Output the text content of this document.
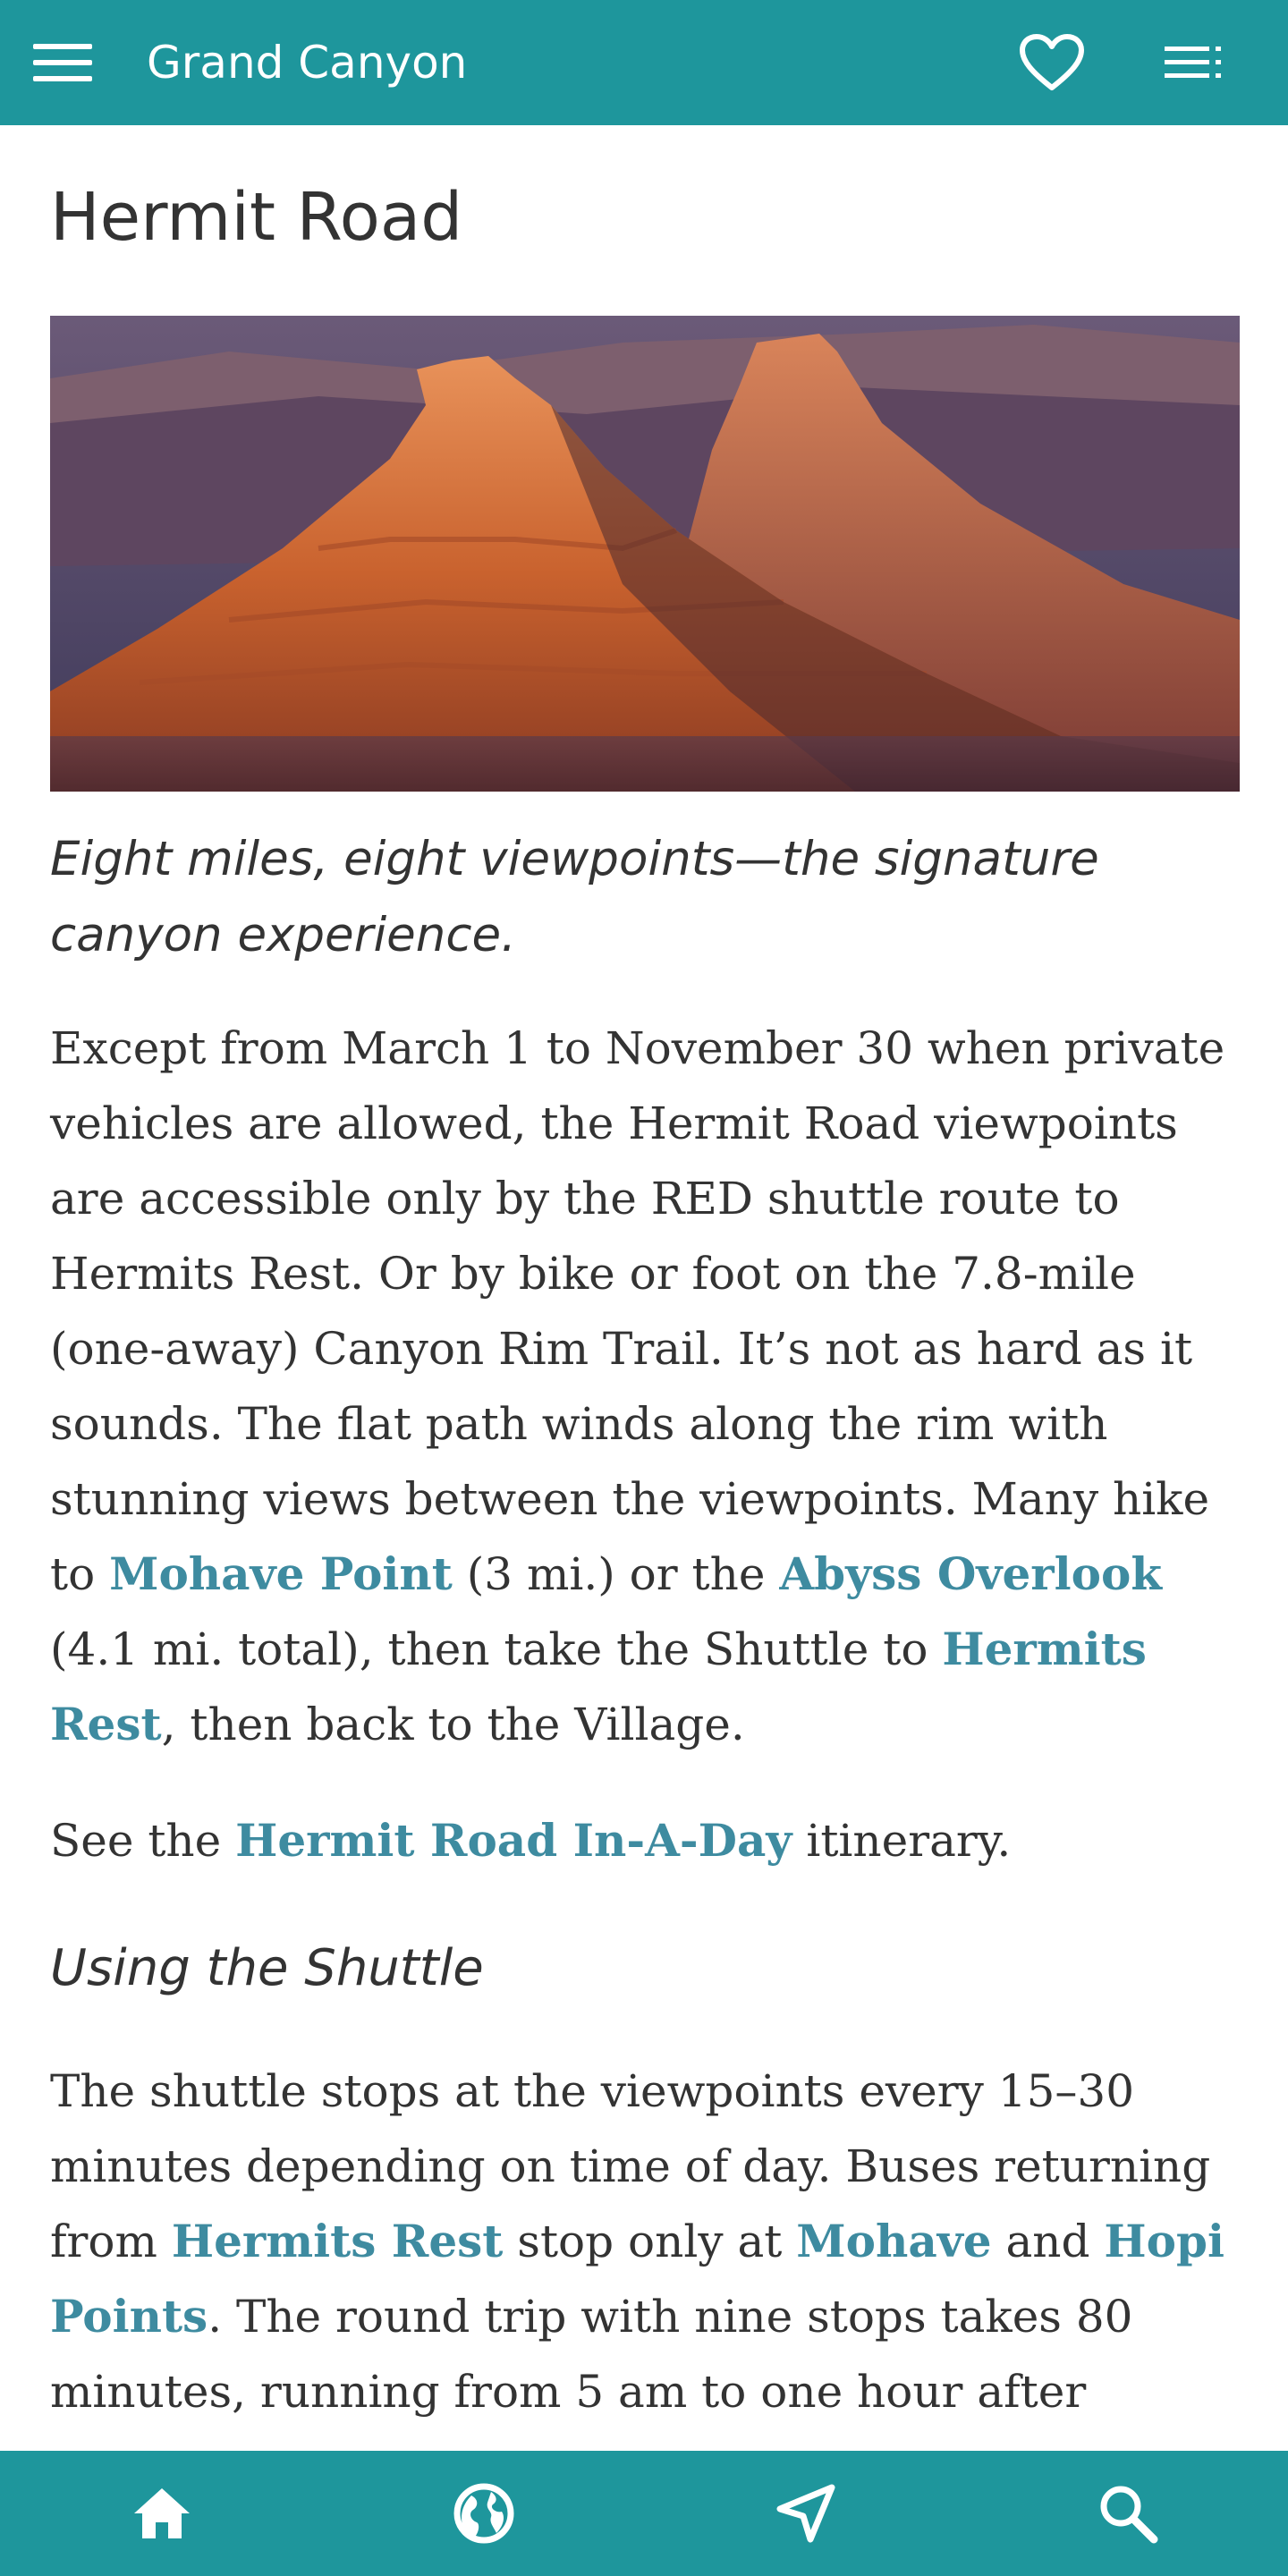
Grand Canyon
Hermit Road

Eight miles, eight viewpoints—the signature canyon experience.

Except from March 1 to November 30 when private vehicles are allowed, the Hermit Road viewpoints are accessible only by the RED shuttle route to Hermits Rest. Or by bike or foot on the 7.8-mile (one-away) Canyon Rim Trail. It’s not as hard as it sounds. The flat path winds along the rim with stunning views between the viewpoints. Many hike to Mohave Point (3 mi.) or the Abyss Overlook (4.1 mi. total), then take the Shuttle to Hermits Rest, then back to the Village.

See the Hermit Road In-A-Day itinerary.

Using the Shuttle

The shuttle stops at the viewpoints every 15–30 minutes depending on time of day. Buses returning from Hermits Rest stop only at Mohave and Hopi Points. The round trip with nine stops takes 80 minutes, running from 5 am to one hour after
